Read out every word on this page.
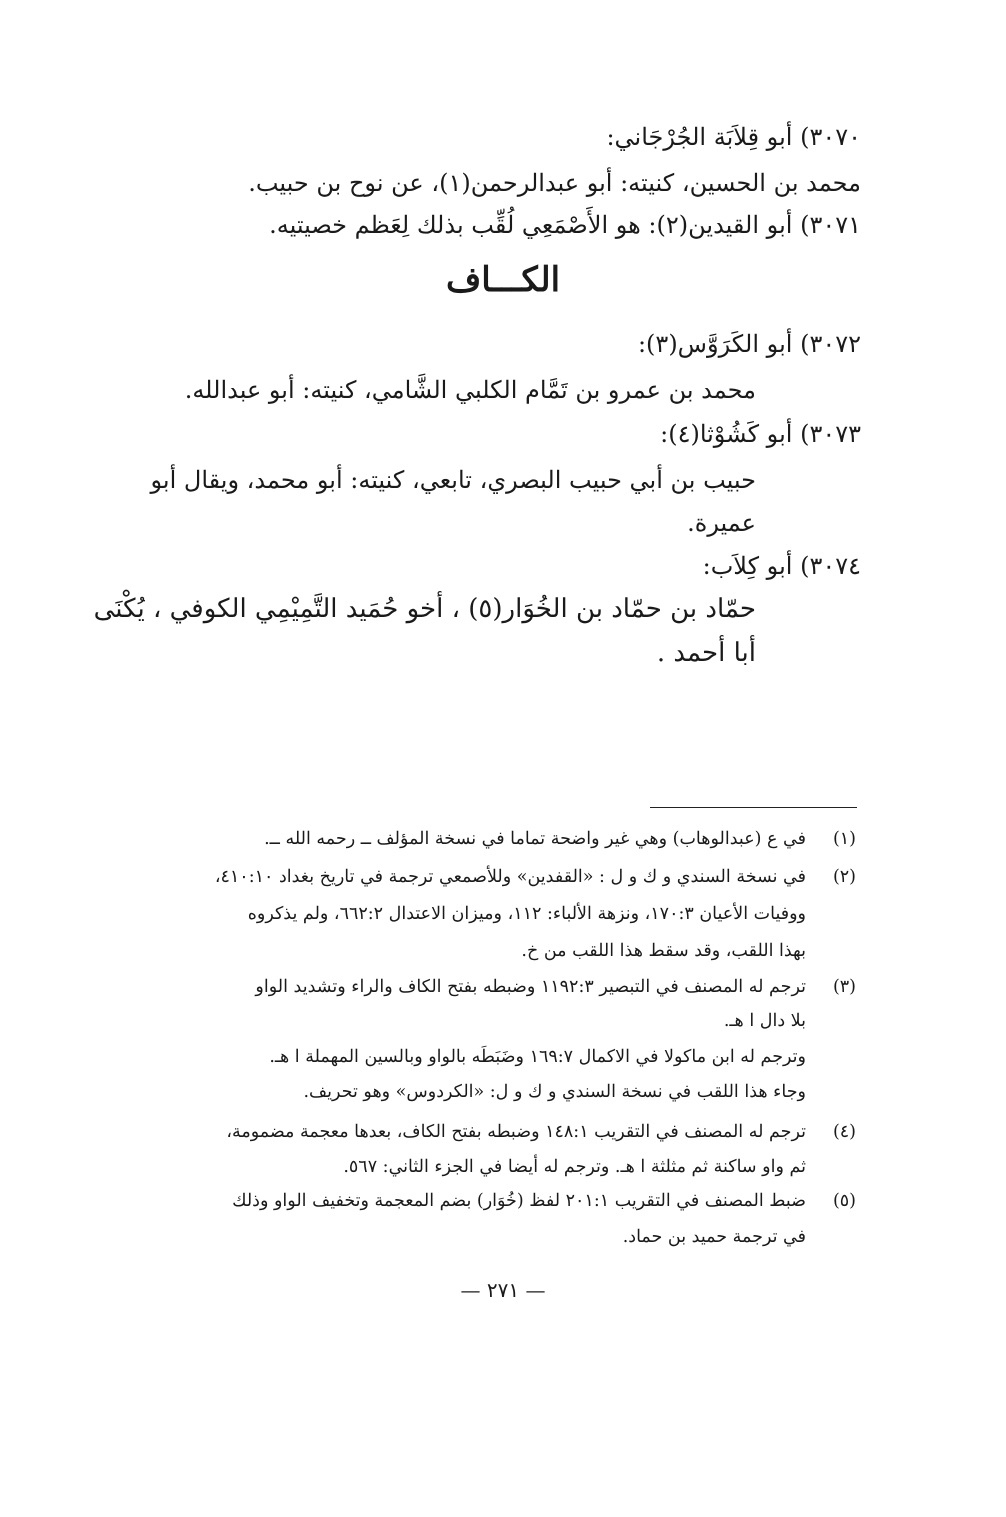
٣٠٧٠) أبو قِلاَبَة الجُرْجَاني:
محمد بن الحسين، كنيته: أبو عبدالرحمن(١)، عن نوح بن حبيب.
٣٠٧١) أبو القيدين(٢): هو الأَصْمَعِي لُقِّب بذلك لِعَظم خصيتيه.
الكـــاف
٣٠٧٢) أبو الكَرَوَّس(٣):
محمد بن عمرو بن تَمَّام الكلبي الشَّامي، كنيته: أبو عبدالله.
٣٠٧٣) أبو كَشُوْثا(٤):
حبيب بن أبي حبيب البصري، تابعي، كنيته: أبو محمد، ويقال أبو
عميرة.
٣٠٧٤) أبو كِلاَب:
حمّاد بن حمّاد بن الخُوَار(٥) ، أخو حُمَيد التَّمِيْمِي الكوفي ، يُكْنَى
أبا أحمد .
(١)
في ع (عبدالوهاب) وهي غير واضحة تماما في نسخة المؤلف ــ رحمه الله ــ.
(٢)
في نسخة السندي و ك و ل : «القفدين» وللأصمعي ترجمة في تاريخ بغداد ٤١٠:١٠،
ووفيات الأعيان ١٧٠:٣، ونزهة الألباء: ١١٢، وميزان الاعتدال ٦٦٢:٢، ولم يذكروه
بهذا اللقب، وقد سقط هذا اللقب من خ.
(٣)
ترجم له المصنف في التبصير ١١٩٢:٣ وضبطه بفتح الكاف والراء وتشديد الواو
بلا دال ا هـ.
وترجم له ابن ماكولا في الاكمال ١٦٩:٧ وضَبَطَه بالواو وبالسين المهملة ا هـ.
وجاء هذا اللقب في نسخة السندي و ك و ل: «الكردوس» وهو تحريف.
(٤)
ترجم له المصنف في التقريب ١٤٨:١ وضبطه بفتح الكاف، بعدها معجمة مضمومة،
ثم واو ساكنة ثم مثلثة ا هـ. وترجم له أيضا في الجزء الثاني: ٥٦٧.
(٥)
ضبط المصنف في التقريب ٢٠١:١ لفظ (خُوَار) بضم المعجمة وتخفيف الواو وذلك
في ترجمة حميد بن حماد.
— ٢٧١ —
